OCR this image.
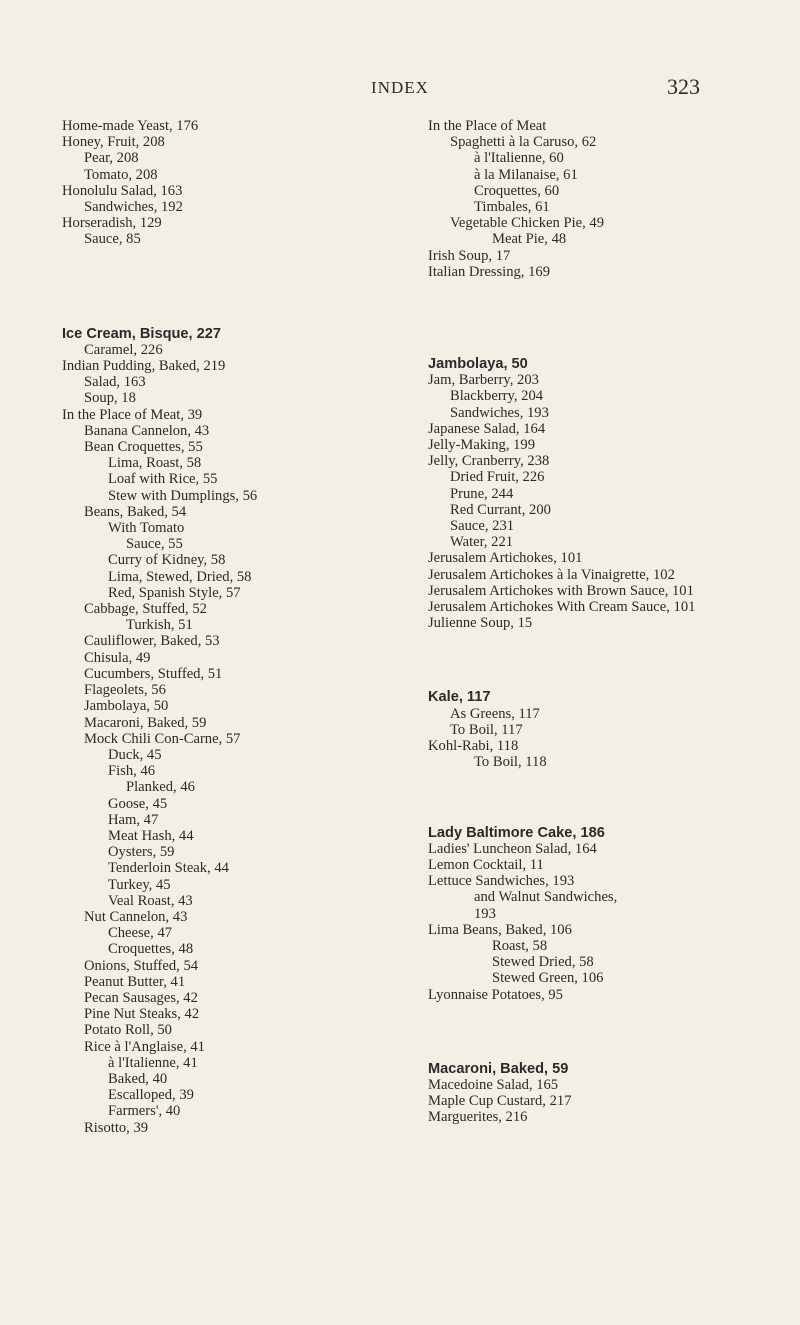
INDEX	323
Home-made Yeast, 176
Honey, Fruit, 208
Pear, 208
Tomato, 208
Honolulu Salad, 163
Sandwiches, 192
Horseradish, 129
Sauce, 85
Ice Cream, Bisque, 227
Caramel, 226
Indian Pudding, Baked, 219
Salad, 163
Soup, 18
In the Place of Meat, 39
Banana Cannelon, 43
Bean Croquettes, 55
Lima, Roast, 58
Loaf with Rice, 55
Stew with Dumplings, 56
Beans, Baked, 54
With Tomato
Sauce, 55
Curry of Kidney, 58
Lima, Stewed, Dried, 58
Red, Spanish Style, 57
Cabbage, Stuffed, 52
Turkish, 51
Cauliflower, Baked, 53
Chisula, 49
Cucumbers, Stuffed, 51
Flageolets, 56
Jambolaya, 50
Macaroni, Baked, 59
Mock Chili Con-Carne, 57
Duck, 45
Fish, 46
Planked, 46
Goose, 45
Ham, 47
Meat Hash, 44
Oysters, 59
Tenderloin Steak, 44
Turkey, 45
Veal Roast, 43
Nut Cannelon, 43
Cheese, 47
Croquettes, 48
Onions, Stuffed, 54
Peanut Butter, 41
Pecan Sausages, 42
Pine Nut Steaks, 42
Potato Roll, 50
Rice à l'Anglaise, 41
à l'Italienne, 41
Baked, 40
Escalloped, 39
Farmers', 40
Risotto, 39
In the Place of Meat
Spaghetti à la Caruso, 62
à l'Italienne, 60
à la Milanaise, 61
Croquettes, 60
Timbales, 61
Vegetable Chicken Pie, 49
Meat Pie, 48
Irish Soup, 17
Italian Dressing, 169
Jambolaya, 50
Jam, Barberry, 203
Blackberry, 204
Sandwiches, 193
Japanese Salad, 164
Jelly-Making, 199
Jelly, Cranberry, 238
Dried Fruit, 226
Prune, 244
Red Currant, 200
Sauce, 231
Water, 221
Jerusalem Artichokes, 101
Jerusalem Artichokes à la Vinaigrette, 102
Jerusalem Artichokes with Brown Sauce, 101
Jerusalem Artichokes With Cream Sauce, 101
Julienne Soup, 15
Kale, 117
As Greens, 117
To Boil, 117
Kohl-Rabi, 118
To Boil, 118
Lady Baltimore Cake, 186
Ladies' Luncheon Salad, 164
Lemon Cocktail, 11
Lettuce Sandwiches, 193
and Walnut Sandwiches,
193
Lima Beans, Baked, 106
Roast, 58
Stewed Dried, 58
Stewed Green, 106
Lyonnaise Potatoes, 95
Macaroni, Baked, 59
Macedoine Salad, 165
Maple Cup Custard, 217
Marguerites, 216
